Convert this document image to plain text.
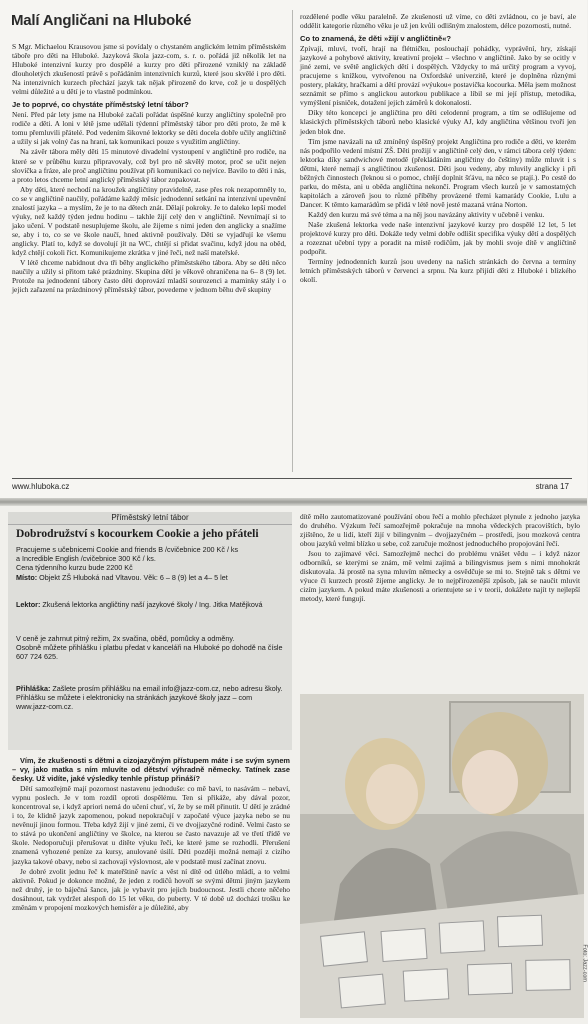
Malí Angličani na Hluboké

S Mgr. Michaelou Krausovou jsme si povídaly o chystaném anglickém letním příměstském táboře pro děti na Hluboké. Jazyková škola jazz-com, s. r. o. pořádá již několik let na Hluboké intenzivní kurzy pro dospělé a kurzy pro děti přirozené vzniklý na základě dlouholetých zkušeností právě s pořádáním intenzivních kurzů, které jsou skvělé i pro děti. Na intenzivních kurzech přechází jazyk tak nějak přirozeně do krve, což je u dospělých velmi důležité a u dětí je to vlastně podmínkou.

Je to poprvé, co chystáte příměstský letní tábor?

Není. Před pár lety jsme na Hluboké začali pořádat úspěšné kurzy angličtiny společně pro rodiče a děti. A loni v létě jsme udělali týdenní příměstský tábor pro děti proto, že mě k tomu přemluvili přátelé. Pod vedením šikovné lektorky se děti docela dobře učily angličtině a užily si jak volný čas na hraní, tak komunikaci pouze s využitím angličtiny.

Na závěr tábora měly děti 15 minutové divadelní vystoupení v angličtině pro rodiče, na které se v průběhu kurzu připravovaly, což byl pro ně skvělý motor, proč se učit nejen slovíčka a fráze, ale proč angličtinu používat při komunikaci co nejvíce. Bavilo to děti i nás, a proto letos chceme letní anglický příměstský tábor zopakovat.

Aby děti, které nechodí na kroužek angličtiny pravidelně, zase přes rok nezapomněly to, co se v angličtině naučily, pořádáme každý měsíc jednodenní setkání na intenzivní upevnění znalostí jazyka – a myslím, že je to na dětech znát. Dělají pokroky. Je to daleko lepší model výuky, než každý týden jednu hodinu – takhle žijí celý den v angličtině. Nevnímají si to jako učení. V podstatě nesuplujeme školu, ale žijeme s nimi jeden den anglicky a snažíme se, aby i to, co se ve škole naučí, hned aktivně používaly. Děti se vyjadřují ke všemu anglicky. Platí to, když se dovolují jít na WC, chtějí si přidat svačinu, když jdou na oběd, když chtějí cokoli říct. Komunikujeme zkrátka v jiné řeči, než naší mateřské.

V létě chceme nabídnout dva tři běhy anglického příměstského tábora. Aby se děti něco naučily a užily si přitom také prázdniny. Skupina dětí je věkově ohraničena na 6– 8 (9) let. Protože na jednodenní tábory často děti doprovází mladší sourozenci a maminky stály i o jejich zařazení na prázdninový příměstský tábor, povedeme v jednom běhu dvě skupiny

rozdělené podle věku paralelně. Ze zkušenosti už víme, co děti zvládnou, co je baví, ale oddělit kategorie různého věku je už jen kvůli odlišným znalostem, délce pozornosti, nutné.

Co to znamená, že děti »žijí v angličtině«?

Zpívají, mluví, tvoří, hrají na flétničku, poslouchají pohádky, vyprávění, hry, získají jazykové a pohybové aktivity, kreativní projekt – všechno v angličtině. Jako by se ocitly v jiné zemi, ve světě anglických dětí i dospělých. Vždycky to má určitý program a vyvoj, pracujeme s knížkou, vytvořenou na Oxfordské univerzitě, které je doplněna různými postery, plakáty, hračkami a dětí provází »výukou« postavička kocourka. Měla jsem možnost seznámit se přímo s anglickou autorkou publikace a líbil se mi její přístup, metodika, vymýšlení písniček, dotažení jejích záměrů k dokonalosti.

Díky této koncepci je angličtina pro děti celodenní program, a tím se odlišujeme od klasických příměstských táborů nebo klasické výuky AJ, kdy angličtina většinou tvoří jen jeden blok dne.

Tím jsme navázali na už zmíněný úspěšný projekt Angličtina pro rodiče a děti, ve kterém nás podpořilo vedení místní ZŠ. Děti prožijí v angličtině celý den, v rámci tábora celý týden: lektorka díky sandwichové metodě (překládáním angličtiny do češtiny) může mluvit i s dětmi, které nemají s angličtinou zkušenost. Děti jsou vedeny, aby mluvily anglicky i při běžných činnostech (řeknou si o pomoc, chtějí doplnit šťávu, na něco se ptají.). Po cestě do parku, do města, ani u oběda angličtina nekončí. Program všech kurzů je v samostatných kapitolách a zároveň jsou to různé příběhy provázené třemi kamarády Cookie, Lulu a Dancer. K těmto kamarádům se přidá v létě nově jesté mazaná vrána Norton.

Každý den kurzu má své téma a na něj jsou navázány aktivity v učebně i venku.

Naše zkušená lektorka vede naše intenzivní jazykové kurzy pro dospělé 12 let, 5 let projektové kurzy pro děti. Dokáže tedy velmi dobře odlišit specifika výuky dětí a dospělých a rozeznat učební typy a poradit na místě rodičům, jak by mohli svoje dítě v angličtině podpořit.

Termíny jednodenních kurzů jsou uvedeny na našich stránkách do června a termíny letních příměstských táborů v červenci a srpnu. Na kurz přijídí děti z Hluboké i blízkého okolí.

www.hluboka.cz	strana 17
Příměstský letní tábor
Dobrodružství s kocourkem Cookie a jeho přáteli
Pracujeme s učebnicemi Cookie and friends B /cvičebnice 200 Kč / ks
a Incredible English /cvičebnice 300 Kč / ks.
Cena týdenního kurzu bude 2200 Kč
Místo: Objekt ZŠ Hluboká nad Vltavou. Věk: 6 – 8 (9) let a 4– 5 let
Lektor: Zkušená lektorka angličtiny naší jazykové školy / Ing. Jitka Matějková
V ceně je zahrnut pitný režim, 2x svačina, oběd, pomůcky a odměny.
Osobně můžete přihlášku i platbu předat v kanceláři na Hluboké po dohodě na čísle 607 724 625.
Přihláška: Zašlete prosím přihlášku na email info@jazz-com.cz, nebo adresu školy.
Přihlášku se můžete i elektronicky na stránkách jazykové školy jazz – com www.jazz-com.cz.

Vím, že zkušenosti s dětmi a cizojazyčným přístupem máte i se svým synem – vy, jako matka s ním mluvíte od dětství výhradně německy. Tatínek zase česky. Už vidíte, jaké výsledky tenhle přístup přináší?

Dětí samozřejmě mají pozornost nastavenu jednoduše: co mě baví, to nasávám – nebaví, vypnu poslech. Je v tom rozdíl oproti dospělému. Ten si přikáže, aby dával pozor, koncentroval se, i když apriori nemá do učení chuť, ví, že by se měl přinutit. U dětí je zrádné i to, že klidně jazyk zapomenou, pokud nepokračují v započaté výuce jazyka nebo se nu nevěnují jinou formou. Třeba když žijí v jiné zemi, či ve dvojjazyčné rodině. Velmi často se to stává po ukončení angličtiny ve školce, na kterou se často navazuje až ve třetí třídě ve škole. Nedoporučuji přerušovat u dítěte výuku řeči, ke které jsme se rozhodli. Přerušení znamená vyhozené peníze za kursy, anulované úsilí. Děti později možná nemají z cizího jazyka takové obavy, nebo si zachovají výslovnost, ale v podstatě musí začínat znovu.

Je dobré zvolit jednu řeč k mateřštině navíc a věst ní dítě od útlého mládí, a to velmi aktivně. Pokud je dokonce možné, že jeden z rodičů hovoří se svými dětmi jiným jazykem než druhý, je to báječná šance, jak je vybavit pro jejich budoucnost. Jestli chcete něčeho dosáhnout, tak vydržet alespoň do 15 let věku, do puberty. V té době už dochází trošku ke změnám v propojení mozkových hemisfér a je důležité, aby

dítě mělo zautomatizované používání obou řečí a mohlo přecházet plynule z jednoho jazyka do druhého. Výzkum řečí samozřejmě pokračuje na mnoha vědeckých pracovištích, bylo zjištěno, že u lidí, kteří žijí v bilingvním – dvojjazyčném – prostředí, jsou mozková centra obou jazyků velmi blízko u sebe, což zaručuje možnost jednoduchého propojování řečí.

Jsou to zajímavé věci. Samozřejmě nechci do problému vnášet vědu – i když názor odborníků, se kterými se znám, mě velmi zajímá a bilingvismus jsem s nimi mnohokrát diskutovala. Já prostě na syna mluvím německy a osvědčuje se mi to. Stejně tak s dětmi ve výuce či kurzech prostě žijeme anglicky. Je to nejpřirozenější způsob, jak se naučit mluvit cizím jazykem. A pokud máte zkušenosti a orientujete se i v teorii, dokážete najít ty nejlepší metody, které fungují.

Foto: Jazz-com
